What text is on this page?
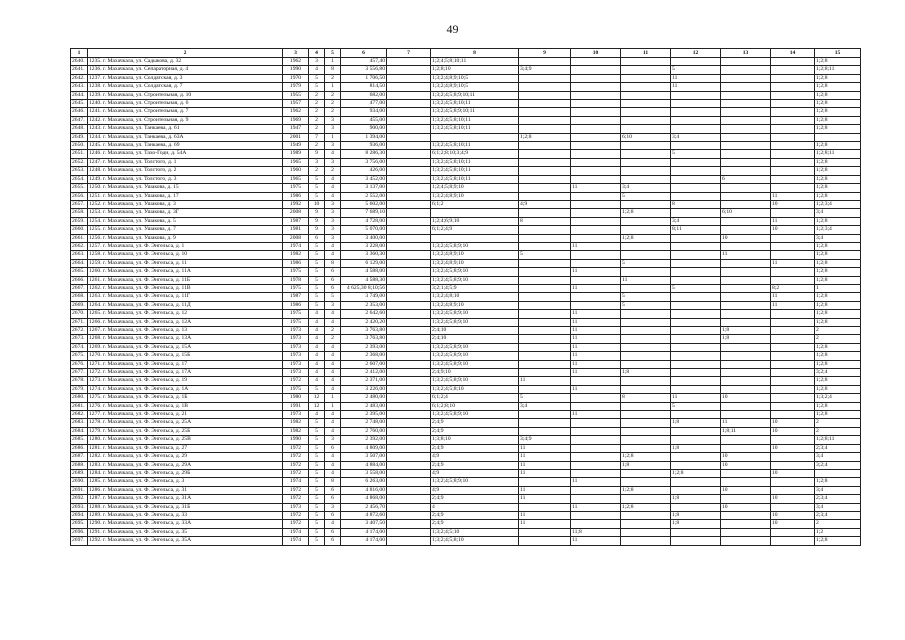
49
1	2	3	4	5	6	7	8	9	10	11	12	13	14	15
2640.	1235. г. Махачкала, ул. Садыкова, д. 32	1962	3	1	457,40		1;2;4;5;8;10;11							1;2;8
2641.	1236. г. Махачкала, ул. Сепараторная, д. 4	1990	4	8	3 556,80		1;2;8;10	3;4;9			5			1;2;8;11
2642.	1237. г. Махачкала, ул. Солдатская, д. 3	1970	5	2	1 706,50		1;3;2;4;8;9;10;5				11			1;2;8
2643.	1238. г. Махачкала, ул. Солдатская, д. 7	1979	5	1	814,50		1;3;2;4;8;9;10;5				11			1;2;8
2644.	1239. г. Махачкала, ул. Строительная, д. 10	1955	2	2	682,00		1;3;2;4;5;8;9;10;11							1;2;8
2645.	1240. г. Махачкала, ул. Строительная, д. 6	1957	2	2	477,00		1;3;2;4;5;8;10;11							1;2;8
2646.	1241. г. Махачкала, ул. Строительная, д. 7	1962	2	2	934,00		1;3;2;4;5;8;9;10;11							1;2;8
2647.	1242. г. Махачкала, ул. Строительная, д. 9	1969	2	3	455,00		1;3;2;4;5;8;10;11							1;2;8
2648.	1243. г. Махачкала, ул. Танкаева, д. 61	1947	2	3	900,00		1;3;2;4;5;8;10;11							1;2;8
2649.	1244. г. Махачкала, ул. Танкаева, д. 63А	2001	7	1	1 394,00			1;2;8		6;10	3;4			
2650.	1245. г. Махачкала, ул. Танкаева, д. 69	1949	2	3	936,00		1;3;2;4;5;8;10;11							1;2;8
2651.	1246. г. Махачкала, ул. Тахо-Годи, д. 54А	1989	9	4	8 286,30		6;1;2;8;10;3;4;9				5			1;2;8;11
2652.	1247. г. Махачкала, ул. Толстого, д. 1	1965	3	3	3 756,00		1;3;2;4;5;8;10;11							1;2;8
2653.	1248. г. Махачкала, ул. Толстого, д. 2	1960	2	2	426,00		1;3;2;4;5;8;10;11							1;2;8
2654.	1249. г. Махачкала, ул. Толстого, д. 3	1965	5	4	3 452,00		1;3;2;4;5;8;10;11					6		1;2;8
2655.	1250. г. Махачкала, ул. Ушакова, д. 15	1975	5	4	3 137,00		1;2;4;5;8;9;10		11	3;4				1;2;8
2656.	1251. г. Махачкала, ул. Ушакова, д. 17	1986	5	4	2 552,00		1;3;2;4;8;9;10			5			11	1;2;8
2657.	1252. г. Махачкала, ул. Ушакова, д. 3	1992	10	3	5 602,00		6;1;2	4;9			8		10	1;2;3;4
2658.	1253. г. Махачкала, ул. Ушакова, д. 3Г	2008	9	3	7 689,10					1;2;8		6;10		3;4
2659.	1254. г. Махачкала, ул. Ушакова, д. 5	1987	9	3	4 728,00		1;2;4;6;9;10	8			3;4		11	1;2;8
2660.	1255. г. Махачкала, ул. Ушакова, д. 7	1981	9	3	5 070,00		6;1;2;4;9				8;11		10	1;2;3;4
2661.	1256. г. Махачкала, ул. Ушакова, д. 9	2008	6	3	3 400,00					1;2;8		10		3;4
2662.	1257. г. Махачкала, ул. Ф. Энгельса, д. 1	1974	5	4	3 228,00		1;3;2;4;5;8;9;10		11					1;2;8
2663.	1258. г. Махачкала, ул. Ф. Энгельса, д. 10	1982	5	4	3 360,30		1;3;2;4;8;9;10	5				11		1;2;8
2664.	1259. г. Махачкала, ул. Ф. Энгельса, д. 11	1986	5	8	6 129,00		1;3;2;4;8;9;10			5			11	1;2;8
2665.	1260. г. Махачкала, ул. Ф. Энгельса, д. 11А	1975	5	6	4 588,00		1;3;2;4;5;8;9;10		11					1;2;8
2666.	1261. г. Махачкала, ул. Ф. Энгельса, д. 11Б	1978	5	6	4 588,30		1;3;2;4;5;8;9;10			11				1;2;8
2667.	1262. г. Махачкала, ул. Ф. Энгельса, д. 11В	1975	5	6	4 625,30 8;10;56		3;2;1;4;5;9		11		5		8;2	1
2668.	1263. г. Махачкала, ул. Ф. Энгельса, д. 11Г	1987	5	5	3 749,00		1;3;2;4;8;10			5			11	1;2;8
2669.	1264. г. Махачкала, ул. Ф. Энгельса, д. 11Д	1986	5	3	2 353,00		1;3;2;4;8;9;10			5			11	1;2;8
2670.	1265. г. Махачкала, ул. Ф. Энгельса, д. 12	1975	4	4	2 642,60		1;3;2;4;5;8;9;10		11					1;2;8
2671.	1266. г. Махачкала, ул. Ф. Энгельса, д. 12А	1975	4	4	2 420,20		1;3;2;4;5;8;9;10		11					1;2;8
2672.	1267. г. Махачкала, ул. Ф. Энгельса, д. 13	1973	4	2	3 763,80		2;4;10		11			1;8		2
2673.	1268. г. Махачкала, ул. Ф. Энгельса, д. 13А	1973	4	2	3 763,80		2;4;10		11			1;8		2
2674.	1269. г. Махачкала, ул. Ф. Энгельса, д. 15А	1973	4	4	2 393,00		1;3;2;4;5;8;9;10		11					1;2;8
2675.	1270. г. Махачкала, ул. Ф. Энгельса, д. 15Б	1973	4	4	2 368,00		1;3;2;4;5;8;9;10		11					1;2;8
2676.	1271. г. Махачкала, ул. Ф. Энгельса, д. 17	1973	4	4	2 607,00		1;3;2;4;5;8;9;10		11					1;2;8
2677.	1272. г. Махачкала, ул. Ф. Энгельса, д. 17А	1973	4	4	2 412,00		2;4;9;10		11	1;8				3;2;4
2678.	1273. г. Махачкала, ул. Ф. Энгельса, д. 19	1972	4	4	2 371,00		1;3;2;4;5;8;9;10	11						1;2;8
2679.	1274. г. Махачкала, ул. Ф. Энгельса, д. 1А	1975	5	4	3 226,00		1;3;2;4;5;8;10		11					1;2;8
2680.	1275. г. Махачкала, ул. Ф. Энгельса, д. 1Б	1980	12	1	2 480,00		6;1;2;4	5		8	11	10		1;3;2;4
2681.	1276. г. Махачкала, ул. Ф. Энгельса, д. 1В	1991	12	1	2 483,00		6;1;2;8;10	3;4			5			1;2;8
2682.	1277. г. Махачкала, ул. Ф. Энгельса, д. 21	1973	4	4	2 395,00		1;3;2;4;5;8;9;10		11					1;2;8
2683.	1278. г. Махачкала, ул. Ф. Энгельса, д. 25А	1982	5	4	2 748,00		2;4;9				1;8	11	10	2
2684.	1279. г. Махачкала, ул. Ф. Энгельса, д. 25Б	1982	5	4	2 760,00		2;4;9					1;8;11	10	2
2685.	1280. г. Махачкала, ул. Ф. Энгельса, д. 25В	1990	5	3	2 392,00		1;3;8;10	3;4;9						1;2;8;11
2686.	1281. г. Махачкала, ул. Ф. Энгельса, д. 27	1972	5	6	4 809,00		2;4;9	11			1;8		10	2;3;4
2687.	1282. г. Махачкала, ул. Ф. Энгельса, д. 29	1972	5	4	3 507,00		4;9	11		1;2;8		10		3;4
2688.	1283. г. Махачкала, ул. Ф. Энгельса, д. 29А	1972	5	4	4 884,00		2;4;9	11		1;8		10		3;2;4
2689.	1284. г. Махачкала, ул. Ф. Энгельса, д. 29Б	1972	5	4	3 558,00		4;9	11			1;2;8		10	
2690.	1285. г. Махачкала, ул. Ф. Энгельса, д. 3	1974	5	8	6 263,00		1;3;2;4;5;8;9;10		11					1;2;8
2691.	1286. г. Махачкала, ул. Ф. Энгельса, д. 31	1972	5	6	4 816,00		4;9	11		1;2;8		10		3;4
2692.	1287. г. Махачкала, ул. Ф. Энгельса, д. 31А	1972	5	6	4 868,00		2;4;9	11			1;8		10	2;3;4
2693.	1288. г. Махачкала, ул. Ф. Энгельса, д. 31Б	1973	5	3	2 456,70		4		11	1;2;8		10		3;4
2694.	1289. г. Махачкала, ул. Ф. Энгельса, д. 33	1972	5	6	4 872,60		2;4;9	11			1;8		10	2;3;4
2695.	1290. г. Махачкала, ул. Ф. Энгельса, д. 33А	1972	5	4	3 407,50		2;4;9	11			1;8		10	2
2696.	1291. г. Махачкала, ул. Ф. Энгельса, д. 35	1974	5	6	4 174,00		1;3;2;4;5;10		11;8					1;2
2697.	1292. г. Махачкала, ул. Ф. Энгельса, д. 35А	1974	5	6	4 174,00		1;3;2;4;5;8;10		11					1;2;8
